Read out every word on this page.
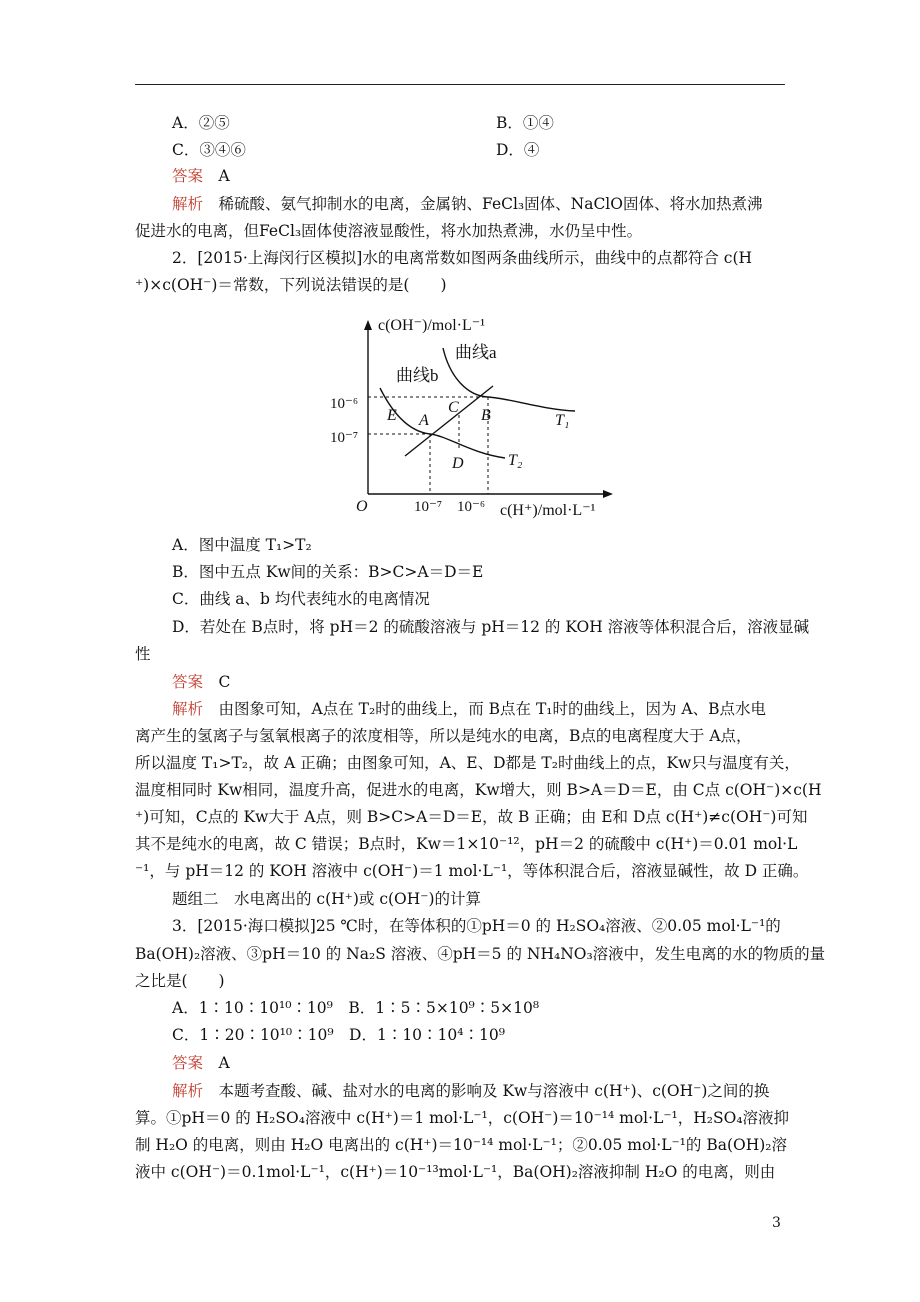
A．②⑤	B．①④
C．③④⑥	D．④
答案　 A
解析　 稀硫酸、氨气抑制水的电离，金属钠、FeCl₃固体、NaClO固体、将水加热煮沸
促进水的电离，但FeCl₃固体使溶液显酸性，将水加热煮沸，水仍呈中性。
2．[2015·上海闵行区模拟]水的电离常数如图两条曲线所示，曲线中的点都符合 c(H
⁺)×c(OH⁻)＝常数，下列说法错误的是(　　)
c(OH⁻)/mol·L⁻¹
曲线a
曲线b
10⁻⁶
10⁻⁷
E A
C B
D
T₁
T₂
O	10⁻⁷ 10⁻⁶ c(H⁺)/mol·L⁻¹
A．图中温度 T₁>T₂
B．图中五点 Kw间的关系：B>C>A＝D＝E
C．曲线 a、b 均代表纯水的电离情况
D．若处在 B点时，将 pH＝2 的硫酸溶液与 pH＝12 的 KOH 溶液等体积混合后，溶液显碱
性
答案　 C
解析　 由图象可知，A点在 T₂时的曲线上，而 B点在 T₁时的曲线上，因为 A、B点水电
离产生的氢离子与氢氧根离子的浓度相等，所以是纯水的电离，B点的电离程度大于 A点，
所以温度 T₁>T₂，故 A 正确；由图象可知，A、E、D都是 T₂时曲线上的点，Kw只与温度有关，
温度相同时 Kw相同，温度升高，促进水的电离，Kw增大，则 B>A＝D＝E，由 C点 c(OH⁻)×c(H
⁺)可知，C点的 Kw大于 A点，则 B>C>A＝D＝E，故 B 正确；由 E和 D点 c(H⁺)≠c(OH⁻)可知
其不是纯水的电离，故 C 错误；B点时，Kw＝1×10⁻¹²，pH＝2 的硫酸中 c(H⁺)＝0.01 mol·L
⁻¹，与 pH＝12 的 KOH 溶液中 c(OH⁻)＝1 mol·L⁻¹，等体积混合后，溶液显碱性，故 D 正确。
题组二　水电离出的 c(H⁺)或 c(OH⁻)的计算
3．[2015·海口模拟]25 ℃时，在等体积的①pH＝0 的 H₂SO₄溶液、②0.05 mol·L⁻¹的
Ba(OH)₂溶液、③pH＝10 的 Na₂S 溶液、④pH＝5 的 NH₄NO₃溶液中，发生电离的水的物质的量
之比是(　　)
A．1∶10∶10¹⁰∶10⁹　B．1∶5∶5×10⁹∶5×10⁸
C．1∶20∶10¹⁰∶10⁹　D．1∶10∶10⁴∶10⁹
答案　 A
解析　 本题考查酸、碱、盐对水的电离的影响及 Kw与溶液中 c(H⁺)、c(OH⁻)之间的换
算。①pH＝0 的 H₂SO₄溶液中 c(H⁺)＝1 mol·L⁻¹，c(OH⁻)＝10⁻¹⁴ mol·L⁻¹，H₂SO₄溶液抑
制 H₂O 的电离，则由 H₂O 电离出的 c(H⁺)＝10⁻¹⁴ mol·L⁻¹；②0.05 mol·L⁻¹的 Ba(OH)₂溶
液中 c(OH⁻)＝0.1mol·L⁻¹，c(H⁺)＝10⁻¹³mol·L⁻¹，Ba(OH)₂溶液抑制 H₂O 的电离，则由
3
